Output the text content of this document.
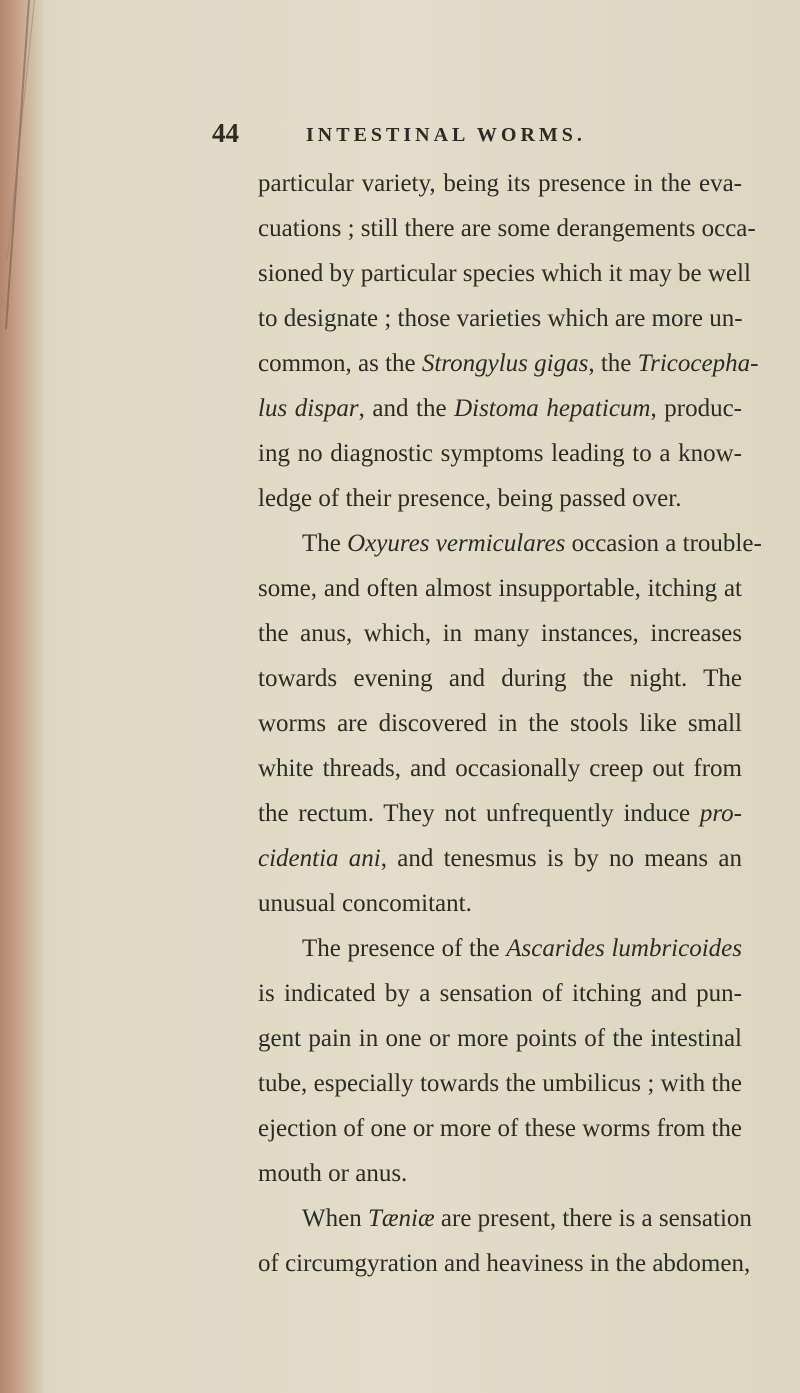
44	INTESTINAL WORMS.
particular variety, being its presence in the eva-
cuations ; still there are some derangements occa-
sioned by particular species which it may be well
to designate ; those varieties which are more un-
common, as the Strongylus gigas, the Tricocepha-
lus dispar, and the Distoma hepaticum, produc-
ing no diagnostic symptoms leading to a know-
ledge of their presence, being passed over.
The Oxyures vermiculares occasion a trouble-
some, and often almost insupportable, itching at
the anus, which, in many instances, increases
towards evening and during the night. The
worms are discovered in the stools like small
white threads, and occasionally creep out from
the rectum. They not unfrequently induce pro-
cidentia ani, and tenesmus is by no means an
unusual concomitant.
The presence of the Ascarides lumbricoides
is indicated by a sensation of itching and pun-
gent pain in one or more points of the intestinal
tube, especially towards the umbilicus ; with the
ejection of one or more of these worms from the
mouth or anus.
When Tæniæ are present, there is a sensation
of circumgyration and heaviness in the abdomen,
